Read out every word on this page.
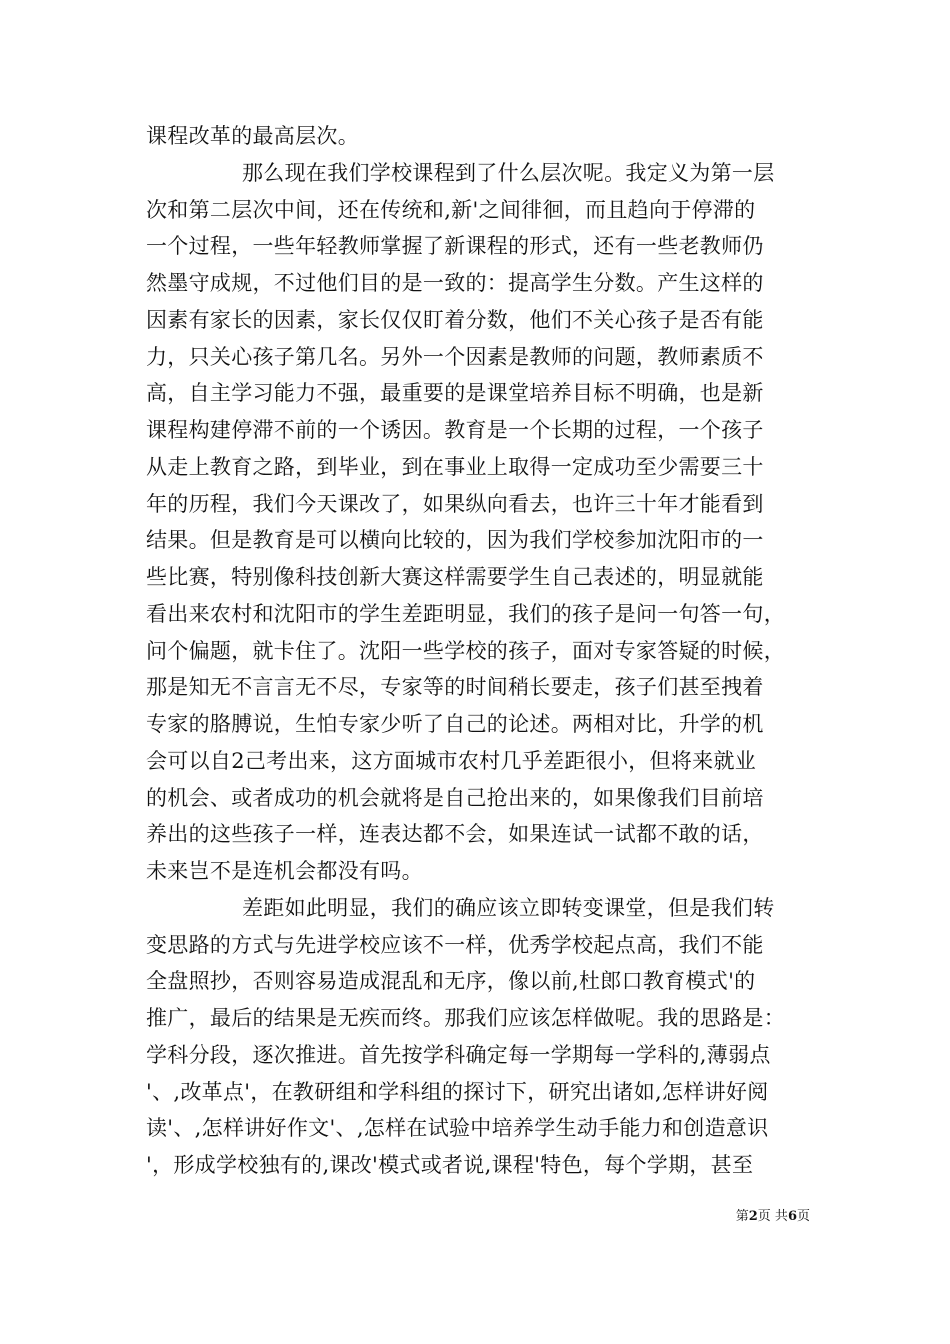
课程改革的最高层次。
那么现在我们学校课程到了什么层次呢。我定义为第一层
次和第二层次中间，还在传统和,新'之间徘徊，而且趋向于停滞的
一个过程，一些年轻教师掌握了新课程的形式，还有一些老教师仍
然墨守成规，不过他们目的是一致的：提高学生分数。产生这样的
因素有家长的因素，家长仅仅盯着分数，他们不关心孩子是否有能
力，只关心孩子第几名。另外一个因素是教师的问题，教师素质不
高，自主学习能力不强，最重要的是课堂培养目标不明确，也是新
课程构建停滞不前的一个诱因。教育是一个长期的过程，一个孩子
从走上教育之路，到毕业，到在事业上取得一定成功至少需要三十
年的历程，我们今天课改了，如果纵向看去，也许三十年才能看到
结果。但是教育是可以横向比较的，因为我们学校参加沈阳市的一
些比赛，特别像科技创新大赛这样需要学生自己表述的，明显就能
看出来农村和沈阳市的学生差距明显，我们的孩子是问一句答一句，
问个偏题，就卡住了。沈阳一些学校的孩子，面对专家答疑的时候，
那是知无不言言无不尽，专家等的时间稍长要走，孩子们甚至拽着
专家的胳膊说，生怕专家少听了自己的论述。两相对比，升学的机
会可以自2己考出来，这方面城市农村几乎差距很小，但将来就业
的机会、或者成功的机会就将是自己抢出来的，如果像我们目前培
养出的这些孩子一样，连表达都不会，如果连试一试都不敢的话，
未来岂不是连机会都没有吗。
差距如此明显，我们的确应该立即转变课堂，但是我们转
变思路的方式与先进学校应该不一样，优秀学校起点高，我们不能
全盘照抄，否则容易造成混乱和无序，像以前,杜郎口教育模式'的
推广，最后的结果是无疾而终。那我们应该怎样做呢。我的思路是：
学科分段，逐次推进。首先按学科确定每一学期每一学科的,薄弱点
'、,改革点'，在教研组和学科组的探讨下，研究出诸如,怎样讲好阅
读'、,怎样讲好作文'、,怎样在试验中培养学生动手能力和创造意识
'，形成学校独有的,课改'模式或者说,课程'特色，每个学期，甚至
第2页 共6页
